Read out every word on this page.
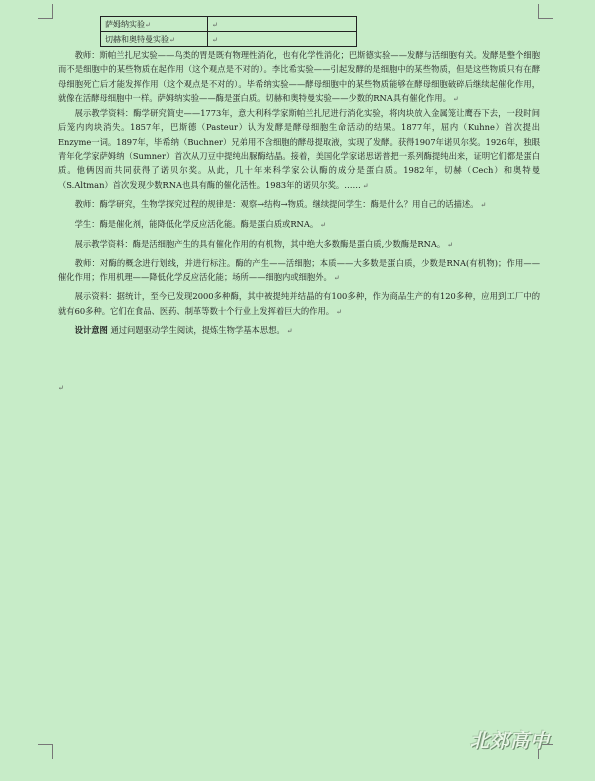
萨姆纳实验↵	↵
切赫和奥特曼实验↵	↵

教师：斯帕兰扎尼实验——鸟类的胃是既有物理性消化，也有化学性消化；巴斯德实验——发酵与活细胞有关。发酵是整个细胞而不是细胞中的某些物质在起作用（这个观点是不对的）。李比希实验——引起发酵的是细胞中的某些物质，但是这些物质只有在酵母细胞死亡后才能发挥作用（这个观点是不对的）。毕希纳实验——酵母细胞中的某些物质能够在酵母细胞破碎后继续起催化作用，就像在活酵母细胞中一样。萨姆纳实验——酶是蛋白质。切赫和奥特曼实验——少数的RNA具有催化作用。 ↵

展示教学资料：酶学研究简史——1773年，意大利科学家斯帕兰扎尼进行消化实验，将肉块放入金属笼让鹰吞下去，一段时间后笼内肉块消失。1857年，巴斯德（Pasteur）认为发酵是酵母细胞生命活动的结果。1877年，屈内（Kuhne）首次提出Enzyme一词。1897年，毕希纳（Buchner）兄弟用不含细胞的酵母提取液，实现了发酵。获得1907年诺贝尔奖。1926年，独眼青年化学家萨姆纳（Sumner）首次从刀豆中提纯出脲酶结晶。接着，美国化学家诺思诺普把一系列酶提纯出来，证明它们都是蛋白质。他俩因而共同获得了诺贝尔奖。从此，几十年来科学家公认酶的成分是蛋白质。1982年，切赫（Cech）和奥特曼（S.Altman）首次发现少数RNA也具有酶的催化活性。1983年的诺贝尔奖。…… ↵

教师：酶学研究，生物学探究过程的规律是：观察→结构→物质。继续提问学生：酶是什么？用自己的话描述。 ↵

学生：酶是催化剂，能降低化学反应活化能。酶是蛋白质或RNA。 ↵

展示教学资料：酶是活细胞产生的具有催化作用的有机物，其中绝大多数酶是蛋白质,少数酶是RNA。 ↵

教师：对酶的概念进行划线，并进行标注。酶的产生——活细胞；本质——大多数是蛋白质，少数是RNA(有机物)；作用——催化作用；作用机理——降低化学反应活化能；场所——细胞内或细胞外。 ↵

展示资料：据统计，至今已发现2000多种酶，其中被提纯并结晶的有100多种，作为商品生产的有120多种，应用到工厂中的就有60多种。它们在食品、医药、制革等数十个行业上发挥着巨大的作用。 ↵

设计意图 通过问题驱动学生阅读，提炼生物学基本思想。 ↵

↵
北郊高中
